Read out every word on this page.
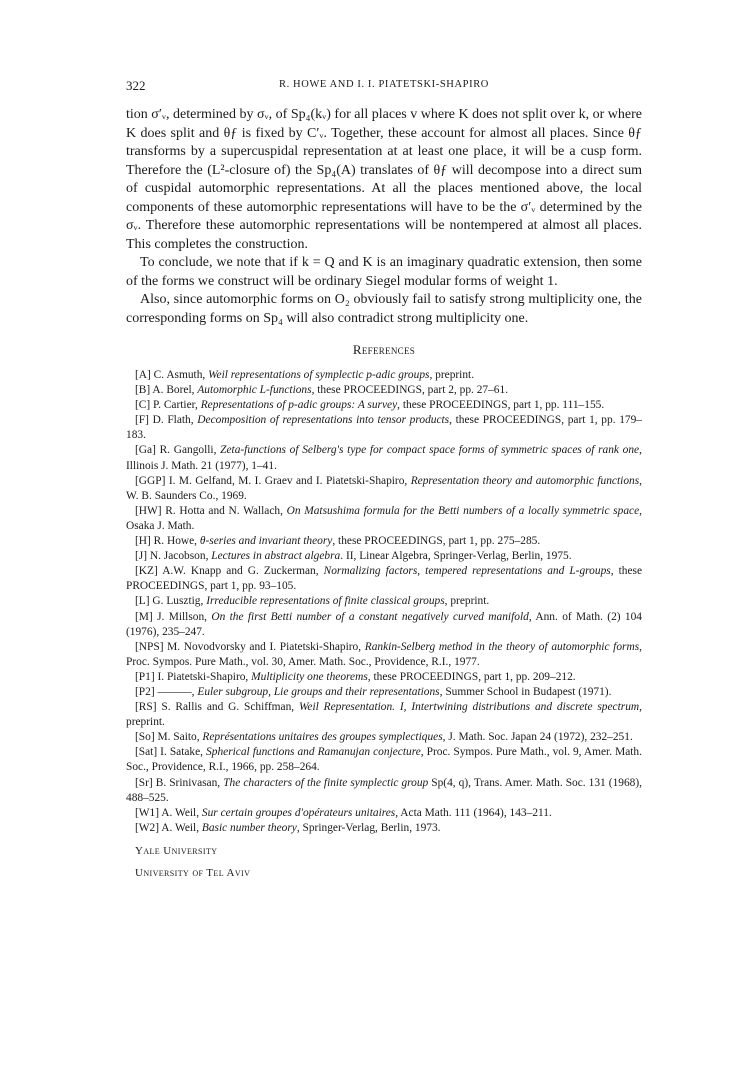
322	R. HOWE AND I. I. PIATETSKI-SHAPIRO

tion σ′ᵥ, determined by σᵥ, of Sp₄(kᵥ) for all places v where K does not split over k, or where K does split and θƒ is fixed by C′ᵥ. Together, these account for almost all places. Since θƒ transforms by a supercuspidal representation at at least one place, it will be a cusp form. Therefore the (L²-closure of) the Sp₄(A) translates of θƒ will decompose into a direct sum of cuspidal automorphic representations. At all the places mentioned above, the local components of these automorphic representations will have to be the σ′ᵥ determined by the σᵥ. Therefore these automorphic representations will be nontempered at almost all places. This completes the construction.

To conclude, we note that if k = Q and K is an imaginary quadratic extension, then some of the forms we construct will be ordinary Siegel modular forms of weight 1.

Also, since automorphic forms on O₂ obviously fail to satisfy strong multiplicity one, the corresponding forms on Sp₄ will also contradict strong multiplicity one.

References

[A] C. Asmuth, Weil representations of symplectic p-adic groups, preprint.

[B] A. Borel, Automorphic L-functions, these PROCEEDINGS, part 2, pp. 27–61.

[C] P. Cartier, Representations of p-adic groups: A survey, these PROCEEDINGS, part 1, pp. 111–155.

[F] D. Flath, Decomposition of representations into tensor products, these PROCEEDINGS, part 1, pp. 179–183.

[Ga] R. Gangolli, Zeta-functions of Selberg's type for compact space forms of symmetric spaces of rank one, Illinois J. Math. 21 (1977), 1–41.

[GGP] I. M. Gelfand, M. I. Graev and I. Piatetski-Shapiro, Representation theory and automorphic functions, W. B. Saunders Co., 1969.

[HW] R. Hotta and N. Wallach, On Matsushima formula for the Betti numbers of a locally symmetric space, Osaka J. Math.

[H] R. Howe, θ-series and invariant theory, these PROCEEDINGS, part 1, pp. 275–285.

[J] N. Jacobson, Lectures in abstract algebra. II, Linear Algebra, Springer-Verlag, Berlin, 1975.

[KZ] A.W. Knapp and G. Zuckerman, Normalizing factors, tempered representations and L-groups, these PROCEEDINGS, part 1, pp. 93–105.

[L] G. Lusztig, Irreducible representations of finite classical groups, preprint.

[M] J. Millson, On the first Betti number of a constant negatively curved manifold, Ann. of Math. (2) 104 (1976), 235–247.

[NPS] M. Novodvorsky and I. Piatetski-Shapiro, Rankin-Selberg method in the theory of automorphic forms, Proc. Sympos. Pure Math., vol. 30, Amer. Math. Soc., Providence, R.I., 1977.

[P1] I. Piatetski-Shapiro, Multiplicity one theorems, these PROCEEDINGS, part 1, pp. 209–212.

[P2] ———, Euler subgroup, Lie groups and their representations, Summer School in Budapest (1971).

[RS] S. Rallis and G. Schiffman, Weil Representation. I, Intertwining distributions and discrete spectrum, preprint.

[So] M. Saito, Représentations unitaires des groupes symplectiques, J. Math. Soc. Japan 24 (1972), 232–251.

[Sat] I. Satake, Spherical functions and Ramanujan conjecture, Proc. Sympos. Pure Math., vol. 9, Amer. Math. Soc., Providence, R.I., 1966, pp. 258–264.

[Sr] B. Srinivasan, The characters of the finite symplectic group Sp(4, q), Trans. Amer. Math. Soc. 131 (1968), 488–525.

[W1] A. Weil, Sur certain groupes d'opérateurs unitaires, Acta Math. 111 (1964), 143–211.

[W2] A. Weil, Basic number theory, Springer-Verlag, Berlin, 1973.

Yale University
University of Tel Aviv
